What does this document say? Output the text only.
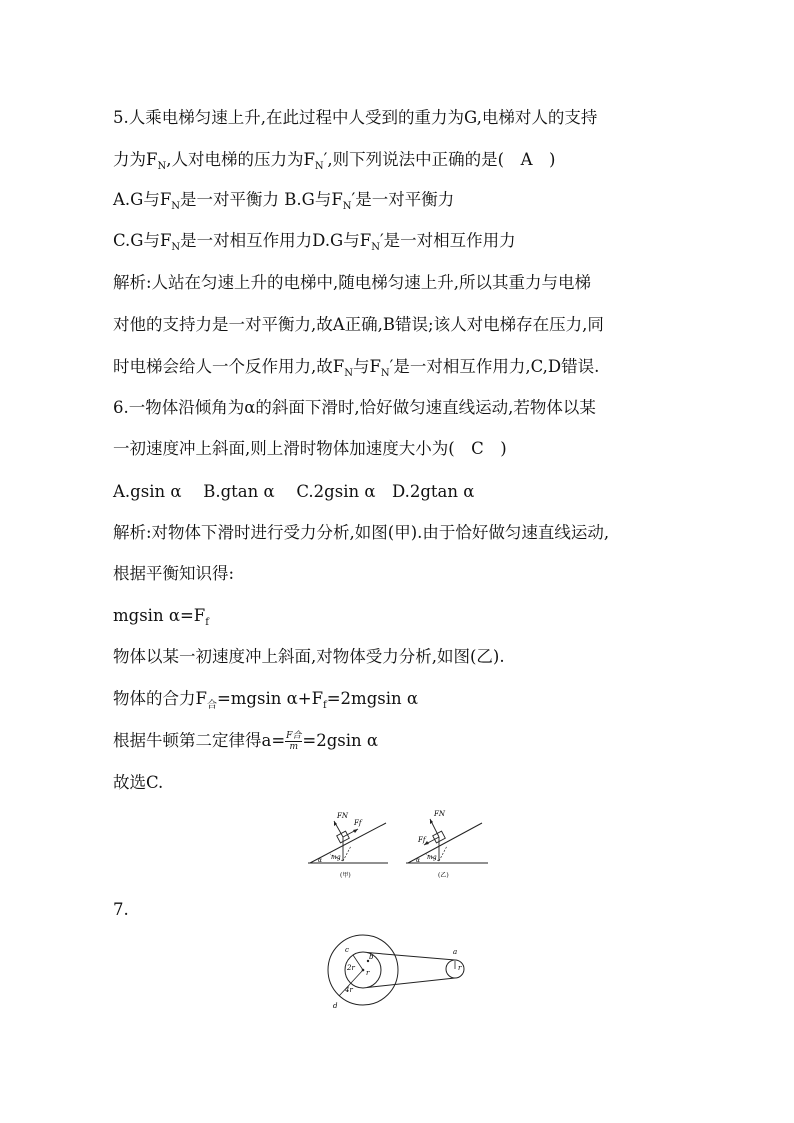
5.人乘电梯匀速上升,在此过程中人受到的重力为G,电梯对人的支持
力为$F_N$,人对电梯的压力为$F_N'$,则下列说法中正确的是(　A　)
A.G与$F_N$是一对平衡力 B.G与$F_N'$是一对平衡力
C.G与$F_N$是一对相互作用力D.G与$F_N'$是一对相互作用力
解析:人站在匀速上升的电梯中,随电梯匀速上升,所以其重力与电梯
对他的支持力是一对平衡力,故A正确,B错误;该人对电梯存在压力,同
时电梯会给人一个反作用力,故$F_N$与$F_N'$是一对相互作用力,C,D错误.
6.一物体沿倾角为α的斜面下滑时,恰好做匀速直线运动,若物体以某
一初速度冲上斜面,则上滑时物体加速度大小为(　C　)
A.gsin α　 B.gtan α　 C.2gsin α　D.2gtan α
解析:对物体下滑时进行受力分析,如图(甲).由于恰好做匀速直线运动,
根据平衡知识得:
mgsin $\alpha=F_f$
物体以某一初速度冲上斜面,对物体受力分析,如图(乙).
物体的合力$F_合=mgsin$ $\alpha+F_f=2mgsin$ α
根据牛顿第二定律得$a= \frac{\text{F合}}{m} =2gsin$ α
故选C.
FN
Ff
mg
α
(甲)
FN
Ff
mg
α
(乙)
7.
a
b
c
d
r
r
2r
4r
